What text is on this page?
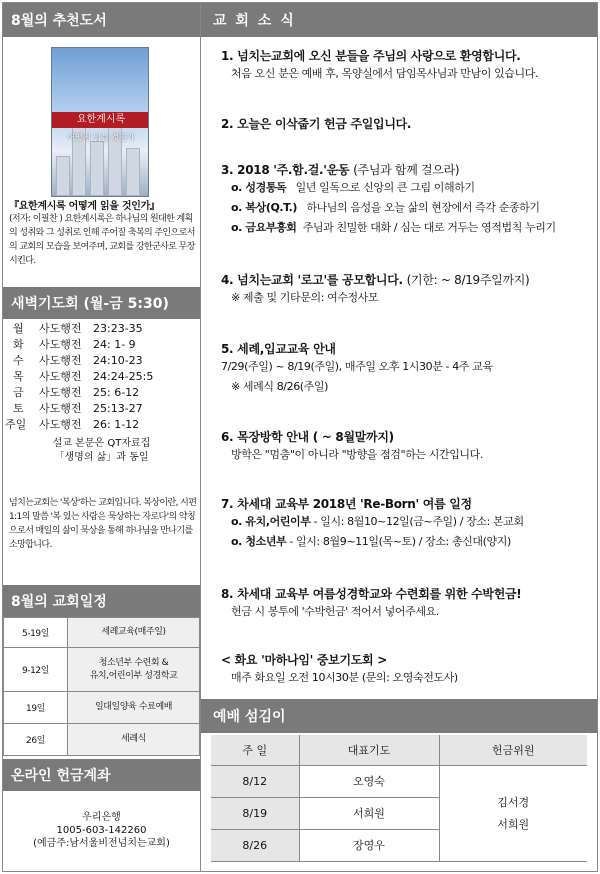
8월의 추천도서
요한계시록
어떻게 읽을 것인가
『요한계시록 어떻게 읽을 것인가』
(저자: 이필찬 ) 요한계시록은 하나님의 원대한 계획의 성취와 그 성취로 인해 주어질 축복의 주인으로서의 교회의 모습을 보여주며, 교회를 강한군사로 무장시킨다.
새벽기도회 (월-금 5:30)
월	사도행전	23:23-35
화	사도행전	24: 1- 9
수	사도행전	24:10-23
목	사도행전	24:24-25:5
금	사도행전	25: 6-12
토	사도행전	25:13-27
주일	사도행전	26: 1-12
설교 본문은 QT자료집
「생명의 삶」과 동일
넘치는교회는 '복상'하는 교회입니다. 복상이란, 시편1:1의 말씀 '복 있는 사람은 묵상하는 자로다'의 약칭으로서 매일의 삶이 묵상을 통해 하나님을 만나기를 소망합니다.
8월의 교회일정
5-19일	세례교육(매주일)
9-12일	청소년부 수련회 &
유치,어린이부 성경학교

19일	일대일양육 수료예배
26일	세례식
온라인 헌금계좌
우리은행
1005-603-142260
(예금주:남서울비전넘치는교회)
교 회 소 식
1. 넘치는교회에 오신 분들을 주님의 사랑으로 환영합니다.
처음 오신 분은 예배 후, 목양실에서 담임목사님과 만남이 있습니다.
2. 오늘은 이삭줍기 헌금 주일입니다.
3. 2018 '주.함.걸.'운동 (주님과 함께 걸으라)
o. 성경통독 일년 일독으로 신앙의 큰 그림 이해하기
o. 복상(Q.T.) 하나님의 음성을 오늘 삶의 현장에서 즉각 순종하기
o. 금요부흥회 주님과 친밀한 대화 / 심는 대로 거두는 영적법칙 누리기
4. 넘치는교회 '로고'를 공모합니다. (기한: ~ 8/19주일까지)
※ 제출 및 기타문의: 여수정사모
5. 세례,입교교육 안내
7/29(주일) ~ 8/19(주일), 매주일 오후 1시30분 - 4주 교육
※ 세례식 8/26(주일)
6. 목장방학 안내 ( ~ 8월말까지)
방학은 "멈춤"이 아니라 "방향을 점검"하는 시간입니다.
7. 차세대 교육부 2018년 'Re-Born' 여름 일정
o. 유치,어린이부 - 일시: 8월10~12일(금~주일) / 장소: 본교회
o. 청소년부 - 일시: 8월9~11일(목~토) / 장소: 총신대(양지)
8. 차세대 교육부 여름성경학교와 수련회를 위한 수박헌금!
헌금 시 봉투에 '수박헌금' 적어서 넣어주세요.
< 화요 '마하나임' 중보기도회 >
매주 화요일 오전 10시30분 (문의: 오영숙전도사)
예배 섬김이
주 일	대표기도	헌금위원
8/12	오영숙	김서경
서희원

8/19	서희원	
8/26	장영우	
